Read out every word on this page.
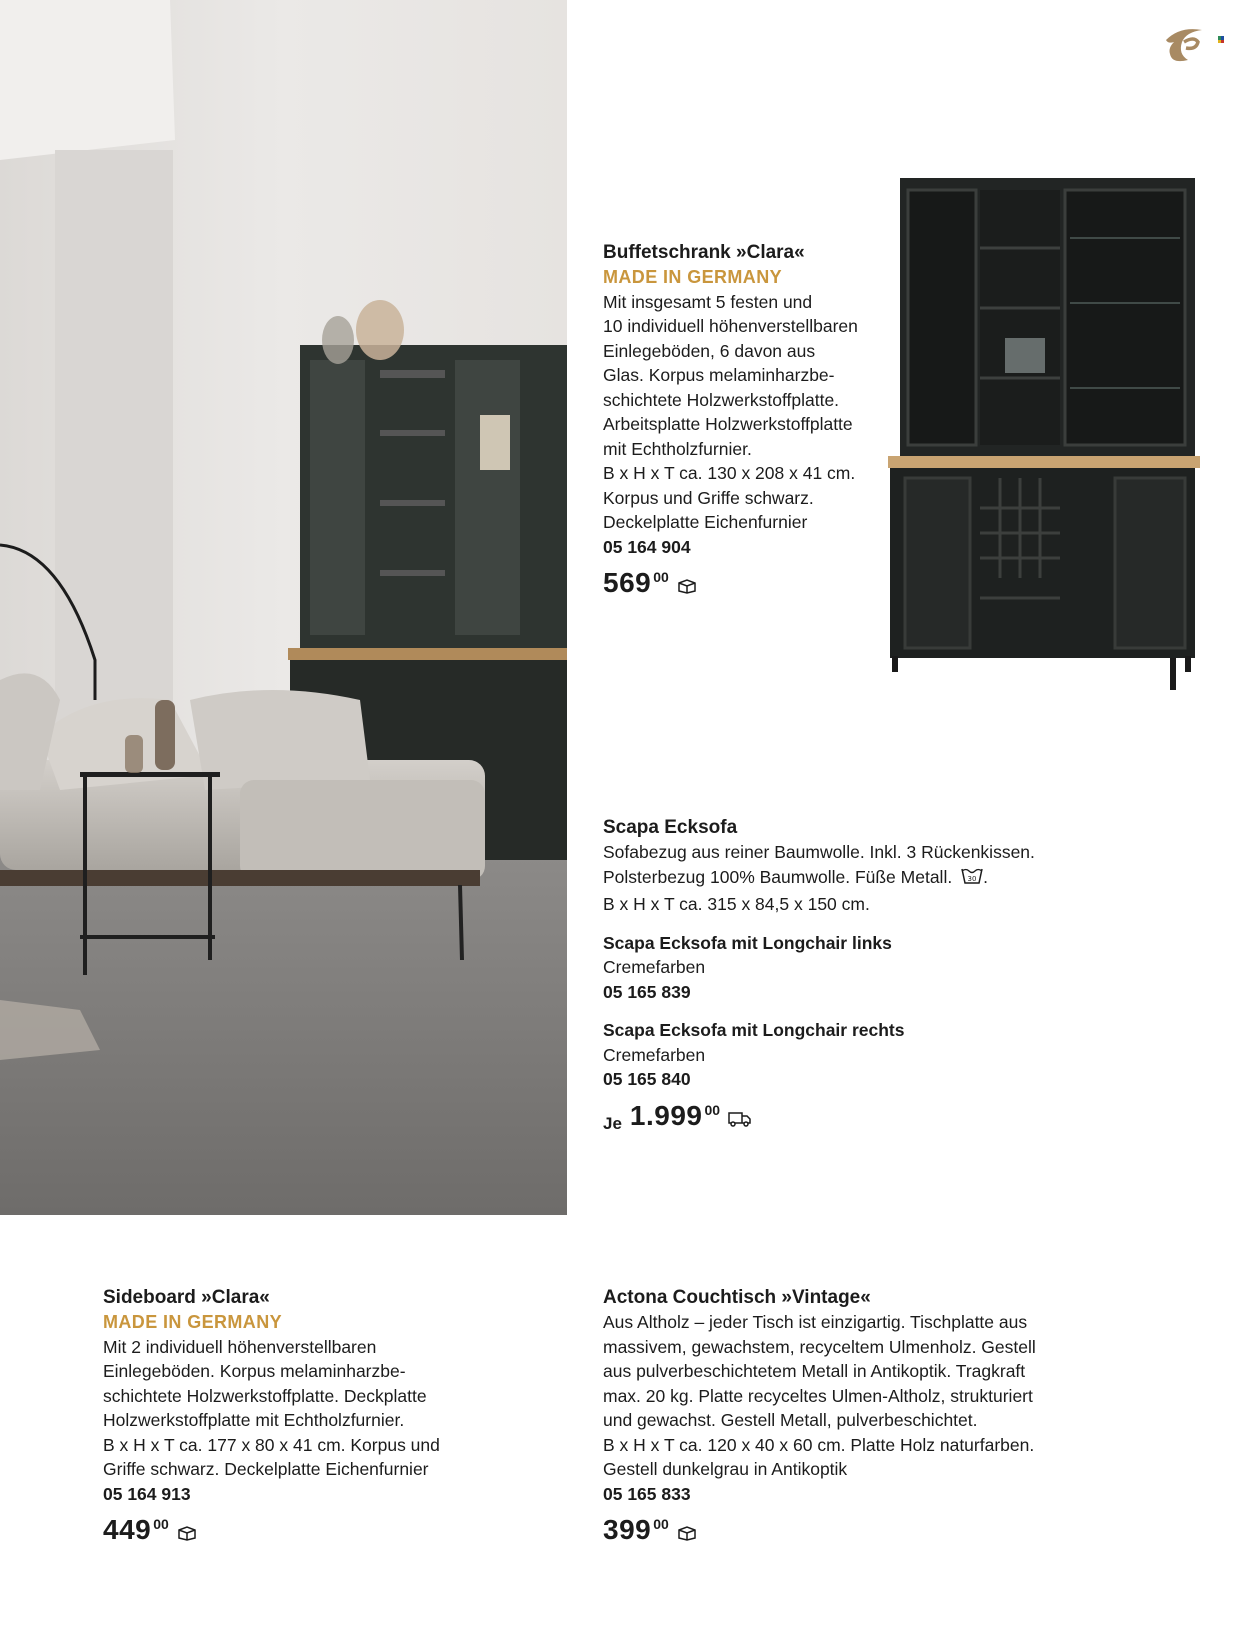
Buffetschrank »Clara«
MADE IN GERMANY
Mit insgesamt 5 festen und
10 individuell höhenverstellbaren
Einlegeböden, 6 davon aus
Glas. Korpus melaminharzbe-
schichtete Holzwerkstoffplatte.
Arbeitsplatte Holzwerkstoffplatte
mit Echtholzfurnier.
B x H x T ca. 130 x 208 x 41 cm.
Korpus und Griffe schwarz.
Deckelplatte Eichenfurnier
05 164 904
569 00
Scapa Ecksofa
Sofabezug aus reiner Baumwolle. Inkl. 3 Rückenkissen.
Polsterbezug 100% Baumwolle. Füße Metall. 30 .
B x H x T ca. 315 x 84,5 x 150 cm.
Scapa Ecksofa mit Longchair links
Cremefarben
05 165 839
Scapa Ecksofa mit Longchair rechts
Cremefarben
05 165 840
Je 1.999 00
Sideboard »Clara«
MADE IN GERMANY
Mit 2 individuell höhenverstellbaren
Einlegeböden. Korpus melaminharzbe-
schichtete Holzwerkstoffplatte. Deckplatte
Holzwerkstoffplatte mit Echtholzfurnier.
B x H x T ca. 177 x 80 x 41 cm. Korpus und
Griffe schwarz. Deckelplatte Eichenfurnier
05 164 913
449 00
Actona Couchtisch »Vintage«
Aus Altholz – jeder Tisch ist einzigartig. Tischplatte aus
massivem, gewachstem, recyceltem Ulmenholz. Gestell
aus pulverbeschichtetem Metall in Antikoptik. Tragkraft
max. 20 kg. Platte recyceltes Ulmen-Altholz, strukturiert
und gewachst. Gestell Metall, pulverbeschichtet.
B x H x T ca. 120 x 40 x 60 cm. Platte Holz naturfarben.
Gestell dunkelgrau in Antikoptik
05 165 833
399 00
